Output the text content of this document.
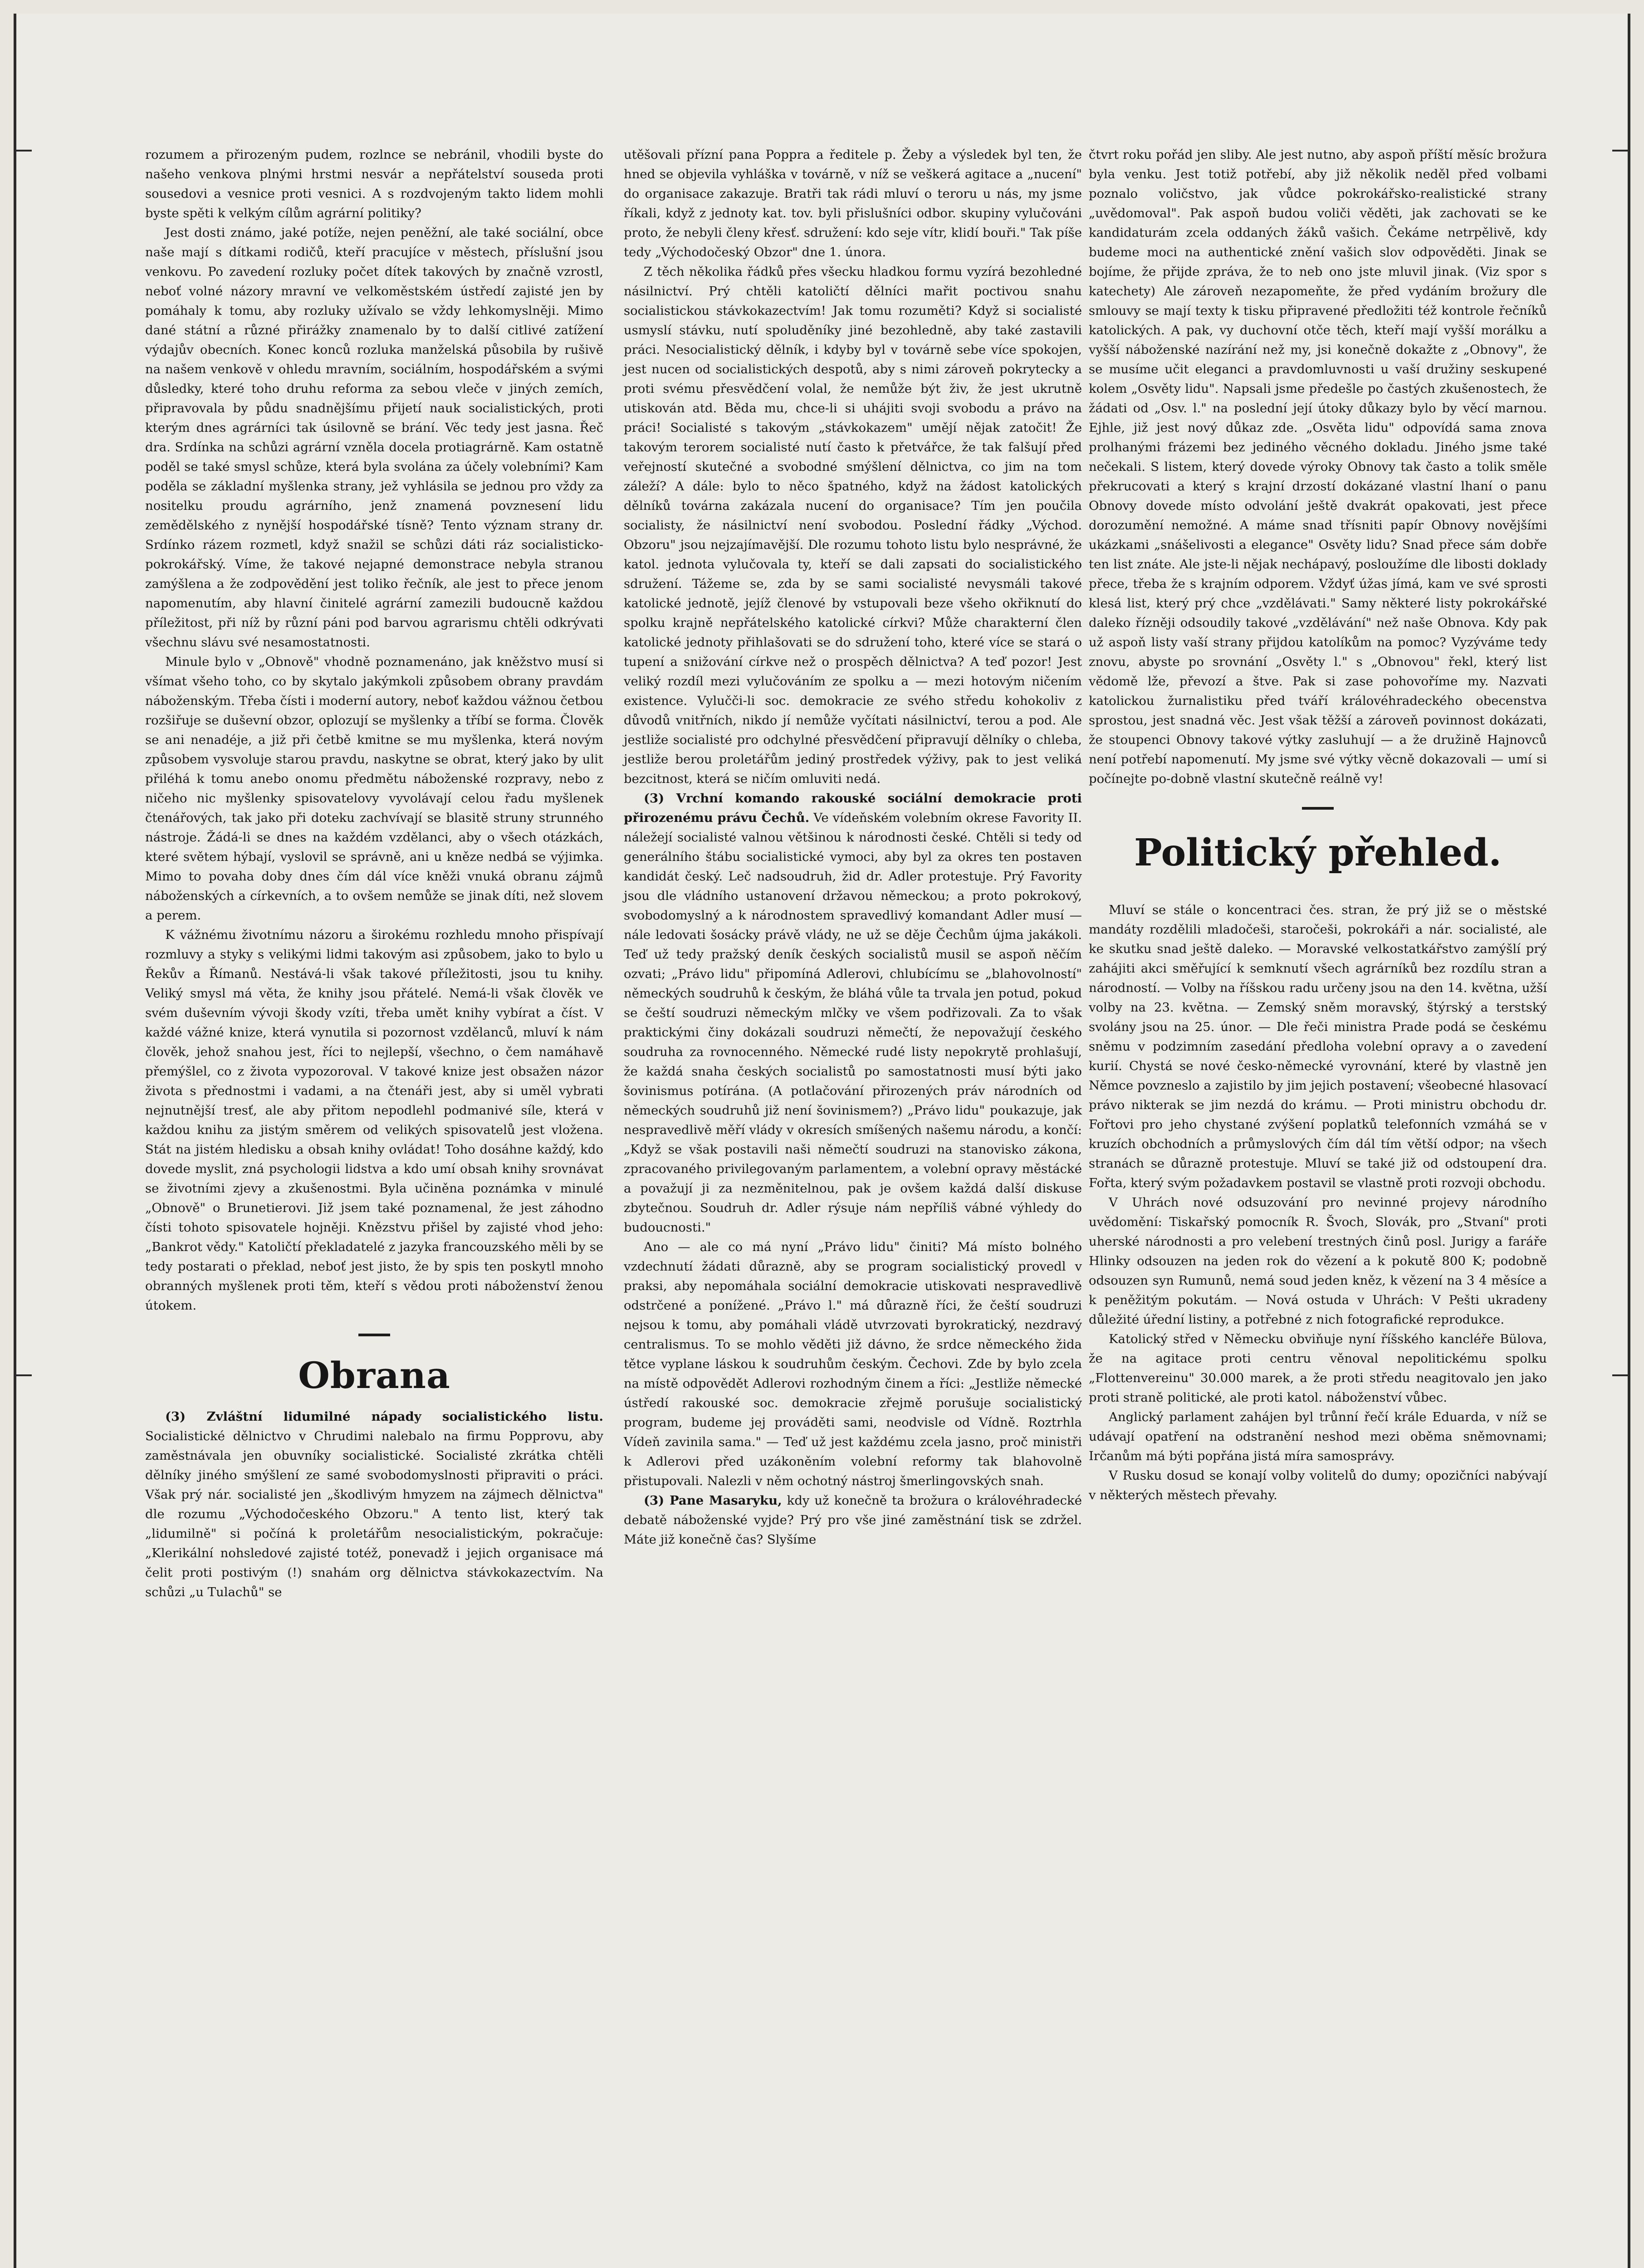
rozumem a přirozeným pudem, rozlnce se nebránil, vhodili byste do našeho venkova plnými hrstmi nesvár a nepřátelství souseda proti sousedovi a vesnice proti vesnici. A s rozdvojeným takto lidem mohli byste spěti k velkým cílům agrární politiky?

Jest dosti známo, jaké potíže, nejen peněžní, ale také sociální, obce naše mají s dítkami rodičů, kteří pracujíce v městech, příslušní jsou venkovu. Po zavedení rozluky počet dítek takových by značně vzrostl, neboť volné názory mravní ve velkoměstském ústředí zajisté jen by pomáhaly k tomu, aby rozluky užívalo se vždy lehkomyslněji. Mimo dané státní a různé přirážky znamenalo by to další citlivé zatížení výdajův obecních. Konec konců rozluka manželská působila by rušivě na našem venkově v ohledu mravním, sociálním, hospodářském a svými důsledky, které toho druhu reforma za sebou vleče v jiných zemích, připravovala by půdu snadnějšímu přijetí nauk socialistických, proti kterým dnes agrárníci tak úsilovně se brání. Věc tedy jest jasna. Řeč dra. Srdínka na schůzi agrární vzněla docela protiagrárně. Kam ostatně poděl se také smysl schůze, která byla svolána za účely volebními? Kam poděla se základní myšlenka strany, jež vyhlásila se jednou pro vždy za nositelku proudu agrárního, jenž znamená povznesení lidu zemědělského z nynější hospodářské tísně? Tento význam strany dr. Srdínko rázem rozmetl, když snažil se schůzi dáti ráz socialisticko-pokrokářský. Víme, že takové nejapné demonstrace nebyla stranou zamýšlena a že zodpovědění jest toliko řečník, ale jest to přece jenom napomenutím, aby hlavní činitelé agrární zamezili budoucně každou příležitost, při níž by různí páni pod barvou agrarismu chtěli odkrývati všechnu slávu své nesamostatnosti.

Minule bylo v „Obnově" vhodně poznamenáno, jak kněžstvo musí si všímat všeho toho, co by skytalo jakýmkoli způsobem obrany pravdám náboženským. Třeba čísti i moderní autory, neboť každou vážnou četbou rozšiřuje se duševní obzor, oplozují se myšlenky a tříbí se forma. Člověk se ani nenadéje, a již při četbě kmitne se mu myšlenka, která novým způsobem vysvoluje starou pravdu, naskytne se obrat, který jako by ulit přiléhá k tomu anebo onomu předmětu náboženské rozpravy, nebo z ničeho nic myšlenky spisovatelovy vyvolávají celou řadu myšlenek čtenářových, tak jako při doteku zachvívají se blasitě struny strunného nástroje. Žádá-li se dnes na každém vzdělanci, aby o všech otázkách, které světem hýbají, vyslovil se správně, ani u kněze nedbá se výjimka. Mimo to povaha doby dnes čím dál více kněži vnuká obranu zájmů náboženských a církevních, a to ovšem nemůže se jinak díti, než slovem a perem.

K vážnému životnímu názoru a širokému rozhledu mnoho přispívají rozmluvy a styky s velikými lidmi takovým asi způsobem, jako to bylo u Řekův a Římanů. Nestává-li však takové příležitosti, jsou tu knihy. Veliký smysl má věta, že knihy jsou přátelé. Nemá-li však člověk ve svém duševním vývoji škody vzíti, třeba umět knihy vybírat a číst. V každé vážné knize, která vynutila si pozornost vzdělanců, mluví k nám člověk, jehož snahou jest, říci to nejlepší, všechno, o čem namáhavě přemýšlel, co z života vypozoroval. V takové knize jest obsažen názor života s přednostmi i vadami, a na čtenáři jest, aby si uměl vybrati nejnutnější tresť, ale aby přitom nepodlehl podmanivé síle, která v každou knihu za jistým směrem od velikých spisovatelů jest vložena. Stát na jistém hledisku a obsah knihy ovládat! Toho dosáhne každý, kdo dovede myslit, zná psychologii lidstva a kdo umí obsah knihy srovnávat se životními zjevy a zkušenostmi. Byla učiněna poznámka v minulé „Obnově" o Brunetierovi. Již jsem také poznamenal, že jest záhodno čísti tohoto spisovatele hojněji. Knězstvu přišel by zajisté vhod jeho: „Bankrot vědy." Katoličtí překladatelé z jazyka francouzského měli by se tedy postarati o překlad, neboť jest jisto, že by spis ten poskytl mnoho obranných myšlenek proti těm, kteří s vědou proti náboženství ženou útokem.

Obrana

(3) Zvláštní lidumilné nápady socialistického listu. Socialistické dělnictvo v Chrudimi nalebalo na firmu Popprovu, aby zaměstnávala jen obuvníky socialistické. Socialisté zkrátka chtěli dělníky jiného smýšlení ze samé svobodomyslnosti připraviti o práci. Však prý nár. socialisté jen „škodlivým hmyzem na zájmech dělnictva" dle rozumu „Východočeského Obzoru." A tento list, který tak „lidumilně" si počíná k proletářům nesocialistickým, pokračuje: „Klerikální nohsledové zajisté totéž, ponevadž i jejich organisace má čelit proti postivým (!) snahám org dělnictva stávkokazectvím. Na schůzi „u Tulachů" se

utěšovali přízní pana Poppra a ředitele p. Žeby a výsledek byl ten, že hned se objevila vyhláška v továrně, v níž se veškerá agitace a „nucení" do organisace zakazuje. Bratři tak rádi mluví o teroru u nás, my jsme říkali, když z jednoty kat. tov. byli přislušníci odbor. skupiny vylučováni proto, že nebyli členy křesť. sdružení: kdo seje vítr, klidí bouři." Tak píše tedy „Východočeský Obzor" dne 1. února.

Z těch několika řádků přes všecku hladkou formu vyzírá bezohledné násilnictví. Prý chtěli katoličtí dělníci mařit poctivou snahu socialistickou stávkokazectvím! Jak tomu rozuměti? Když si socialisté usmyslí stávku, nutí spoluděníky jiné bezohledně, aby také zastavili práci. Nesocialistický dělník, i kdyby byl v továrně sebe více spokojen, jest nucen od socialistických despotů, aby s nimi zároveň pokrytecky a proti svému přesvědčení volal, že nemůže být živ, že jest ukrutně utiskován atd. Běda mu, chce-li si uhájiti svoji svobodu a právo na práci! Socialisté s takovým „stávkokazem" umějí nějak zatočit! Že takovým terorem socialisté nutí často k přetvářce, že tak falšují před veřejností skutečné a svobodné smýšlení dělnictva, co jim na tom záleží? A dále: bylo to něco špatného, když na žádost katolických dělníků továrna zakázala nucení do organisace? Tím jen poučila socialisty, že násilnictví není svobodou. Poslední řádky „Východ. Obzoru" jsou nejzajímavější. Dle rozumu tohoto listu bylo nesprávné, že katol. jednota vylučovala ty, kteří se dali zapsati do socialistického sdružení. Tážeme se, zda by se sami socialisté nevysmáli takové katolické jednotě, jejíž členové by vstupovali beze všeho okřiknutí do spolku krajně nepřátelského katolické církvi? Může charakterní člen katolické jednoty přihlašovati se do sdružení toho, které více se stará o tupení a snižování církve než o prospěch dělnictva? A teď pozor! Jest veliký rozdíl mezi vylučováním ze spolku a — mezi hotovým ničením existence. Vylučči-li soc. demokracie ze svého středu kohokoliv z důvodů vnitřních, nikdo jí nemůže vyčítati násilnictví, terou a pod. Ale jestliže socialisté pro odchylné přesvědčení připravují dělníky o chleba, jestliže berou proletářům jediný prostředek výživy, pak to jest veliká bezcitnost, která se ničím omluviti nedá.

(3) Vrchní komando rakouské sociální demokracie proti přirozenému právu Čechů. Ve vídeňském volebním okrese Favority II. náležejí socialisté valnou většinou k národnosti české. Chtěli si tedy od generálního štábu socialistické vymoci, aby byl za okres ten postaven kandidát český. Leč nadsoudruh, žid dr. Adler protestuje. Prý Favority jsou dle vládního ustanovení državou německou; a proto pokrokový, svobodomyslný a k národnostem spravedlivý komandant Adler musí — nále ledovati šosácky právě vlády, ne už se děje Čechům újma jakákoli. Teď už tedy pražský deník českých socialistů musil se aspoň něčím ozvati; „Právo lidu" připomíná Adlerovi, chlubícímu se „blahovolností" německých soudruhů k českým, že bláhá vůle ta trvala jen potud, pokud se čeští soudruzi německým mlčky ve všem podřizovali. Za to však praktickými činy dokázali soudruzi němečtí, že nepovažují českého soudruha za rovnocenného. Německé rudé listy nepokrytě prohlašují, že každá snaha českých socialistů po samostatnosti musí býti jako šovinismus potírána. (A potlačování přirozených práv národních od německých soudruhů již není šovinismem?) „Právo lidu" poukazuje, jak nespravedlivě měří vlády v okresích smíšených našemu národu, a končí: „Když se však postavili naši němečtí soudruzi na stanovisko zákona, zpracovaného privilegovaným parlamentem, a volební opravy městácké a považují ji za nezměnitelnou, pak je ovšem každá další diskuse zbytečnou. Soudruh dr. Adler rýsuje nám nepříliš vábné výhledy do budoucnosti."

Ano — ale co má nyní „Právo lidu" činiti? Má místo bolného vzdechnutí žádati důrazně, aby se program socialistický provedl v praksi, aby nepomáhala sociální demokracie utiskovati nespravedlivě odstrčené a ponížené. „Právo l." má důrazně říci, že čeští soudruzi nejsou k tomu, aby pomáhali vládě utvrzovati byrokratický, nezdravý centralismus. To se mohlo věděti již dávno, že srdce německého žida tětce vyplane láskou k soudruhům českým. Čechovi. Zde by bylo zcela na místě odpovědět Adlerovi rozhodným činem a říci: „Jestliže německé ústředí rakouské soc. demokracie zřejmě porušuje socialistický program, budeme jej prováděti sami, neodvisle od Vídně. Roztrhla Vídeň zavinila sama." — Teď už jest každému zcela jasno, proč ministři k Adlerovi před uzákoněním volební reformy tak blahovolně přistupovali. Nalezli v něm ochotný nástroj šmerlingovských snah.

(3) Pane Masaryku, kdy už konečně ta brožura o královéhradecké debatě náboženské vyjde? Prý pro vše jiné zaměstnání tisk se zdržel. Máte již konečně čas? Slyšíme

čtvrt roku pořád jen sliby. Ale jest nutno, aby aspoň příští měsíc brožura byla venku. Jest totiž potřebí, aby již několik neděl před volbami poznalo voličstvo, jak vůdce pokrokářsko-realistické strany „uvědomoval". Pak aspoň budou voliči věděti, jak zachovati se ke kandidaturám zcela oddaných žáků vašich. Čekáme netrpělivě, kdy budeme moci na authentické znění vašich slov odpověděti. Jinak se bojíme, že přijde zpráva, že to neb ono jste mluvil jinak. (Viz spor s katechety) Ale zároveň nezapomeňte, že před vydáním brožury dle smlouvy se mají texty k tisku připravené předložiti též kontrole řečníků katolických. A pak, vy duchovní otče těch, kteří mají vyšší morálku a vyšší náboženské nazírání než my, jsi konečně dokažte z „Obnovy", že se musíme učit eleganci a pravdomluvnosti u vaší družiny seskupené kolem „Osvěty lidu". Napsali jsme předešle po častých zkušenostech, že žádati od „Osv. l." na poslední její útoky důkazy bylo by věcí marnou. Ejhle, již jest nový důkaz zde. „Osvěta lidu" odpovídá sama znova prolhanými frázemi bez jediného věcného dokladu. Jiného jsme také nečekali. S listem, který dovede výroky Obnovy tak často a tolik směle překrucovati a který s krajní drzostí dokázané vlastní lhaní o panu Obnovy dovede místo odvolání ještě dvakrát opakovati, jest přece dorozumění nemožné. A máme snad třísniti papír Obnovy novějšími ukázkami „snášelivosti a elegance" Osvěty lidu? Snad přece sám dobře ten list znáte. Ale jste-li nějak nechápavý, posloužíme dle libosti doklady přece, třeba že s krajním odporem. Vždyť úžas jímá, kam ve své sprosti klesá list, který prý chce „vzdělávati." Samy některé listy pokrokářské daleko řízněji odsoudily takové „vzdělávání" než naše Obnova. Kdy pak už aspoň listy vaší strany přijdou katolíkům na pomoc? Vyzýváme tedy znovu, abyste po srovnání „Osvěty l." s „Obnovou" řekl, který list vědomě lže, převozí a štve. Pak si zase pohovoříme my. Nazvati katolickou žurnalistiku před tváří královéhradeckého obecenstva sprostou, jest snadná věc. Jest však těžší a zároveň povinnost dokázati, že stoupenci Obnovy takové výtky zasluhují — a že družině Hajnovců není potřebí napomenutí. My jsme své výtky věcně dokazovali — umí si počínejte po-dobně vlastní skutečně reálně vy!

Politický přehled.

Mluví se stále o koncentraci čes. stran, že prý již se o městské mandáty rozdělili mladočeši, staročeši, pokrokáři a nár. socialisté, ale ke skutku snad ještě daleko. — Moravské velkostatkářstvo zamýšlí prý zahájiti akci směřující k semknutí všech agrárníků bez rozdílu stran a národností. — Volby na říšskou radu určeny jsou na den 14. května, užší volby na 23. května. — Zemský sněm moravský, štýrský a terstský svolány jsou na 25. únor. — Dle řeči ministra Prade podá se českému sněmu v podzimním zasedání předloha volební opravy a o zavedení kurií. Chystá se nové česko-německé vyrovnání, které by vlastně jen Němce povzneslo a zajistilo by jim jejich postavení; všeobecné hlasovací právo nikterak se jim nezdá do krámu. — Proti ministru obchodu dr. Fořtovi pro jeho chystané zvýšení poplatků telefonních vzmáhá se v kruzích obchodních a průmyslových čím dál tím větší odpor; na všech stranách se důrazně protestuje. Mluví se také již od odstoupení dra. Fořta, který svým požadavkem postavil se vlastně proti rozvoji obchodu.

V Uhrách nové odsuzování pro nevinné projevy národního uvědomění: Tiskařský pomocník R. Švoch, Slovák, pro „Stvaní" proti uherské národnosti a pro velebení trestných činů posl. Jurigy a faráře Hlinky odsouzen na jeden rok do vězení a k pokutě 800 K; podobně odsouzen syn Rumunů, nemá soud jeden kněz, k vězení na 3 4 měsíce a k peněžitým pokutám. — Nová ostuda v Uhrách: V Pešti ukradeny důležité úřední listiny, a potřebné z nich fotografické reprodukce.

Katolický střed v Německu obviňuje nyní říšského kancléře Bülova, že na agitace proti centru věnoval nepolitickému spolku „Flottenvereinu" 30.000 marek, a že proti středu neagitovalo jen jako proti straně politické, ale proti katol. náboženství vůbec.

Anglický parlament zahájen byl trůnní řečí krále Eduarda, v níž se udávají opatření na odstranění neshod mezi oběma sněmovnami; Irčanům má býti popřána jistá míra samosprávy.

V Rusku dosud se konají volby volitelů do dumy; opozičníci nabývají v některých městech převahy.
